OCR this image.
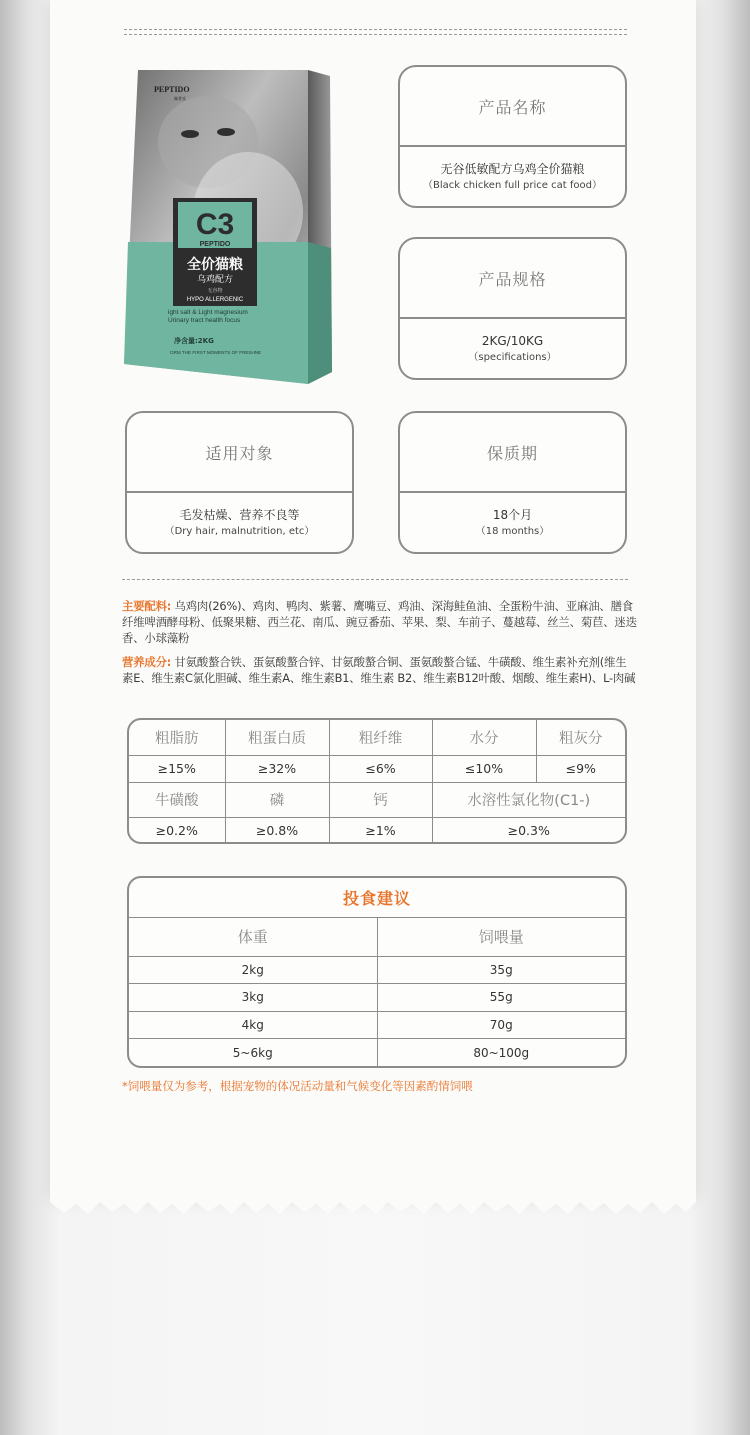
C3
PEPTIDO
全价猫粮
乌鸡配方
无谷物
HYPO ALLERGENIC
ight salt & Light magnesium
Urinary tract health focus
净含量:2KG
ORM THE FIRST MOMENTS OF FRESHNE
PEPTIDO
佩普妥	产品名称
无谷低敏配方乌鸡全价猫粮
（Black chicken full price cat food）
产品规格
2KG/10KG
（specifications）
适用对象
毛发枯燥、营养不良等
（Dry hair, malnutrition, etc）
保质期
18个月
（18 months）
主要配料: 乌鸡肉(26%)、鸡肉、鸭肉、紫薯、鹰嘴豆、鸡油、深海鲑鱼油、全蛋粉牛油、亚麻油、膳食纤维啤酒酵母粉、低聚果糖、西兰花、南瓜、豌豆番茄、苹果、梨、车前子、蔓越莓、丝兰、菊苣、迷迭香、小球藻粉
营养成分: 甘氨酸螯合铁、蛋氨酸螯合锌、甘氨酸螯合铜、蛋氨酸螯合锰、牛磺酸、维生素补充剂(维生素E、维生素C氯化胆碱、维生素A、维生素B1、维生素 B2、维生素B12叶酸、烟酸、维生素H)、L-肉碱
粗脂肪	粗蛋白质	粗纤维	水分	粗灰分
≥15%	≥32%	≤6%	≤10%	≤9%
牛磺酸	磷	钙	水溶性氯化物(C1-)	
≥0.2%	≥0.8%	≥1%	≥0.3%	
投食建议
体重	饲喂量
2kg	35g
3kg	55g
4kg	70g
5~6kg	80~100g
*饲喂量仅为参考，根据宠物的体况活动量和气候变化等因素酌情饲喂
